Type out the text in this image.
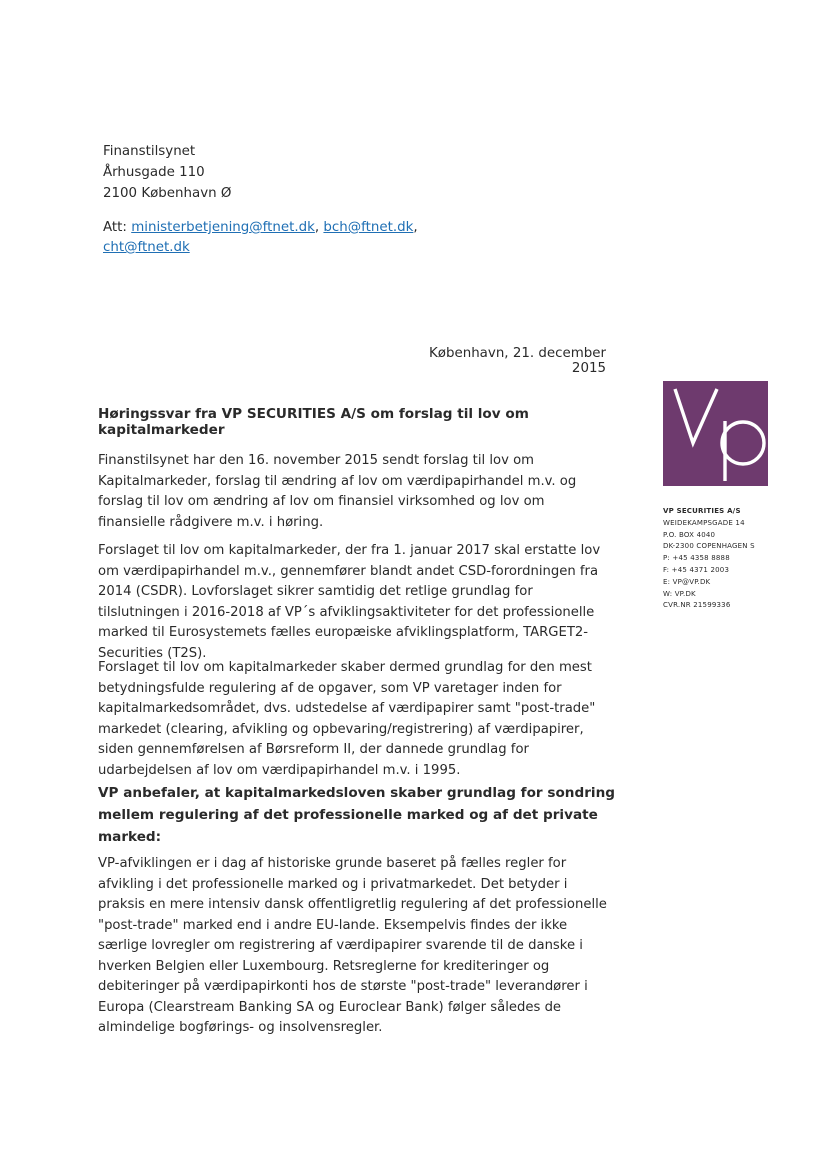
Finanstilsynet
Århusgade 110
2100 København Ø
Att: ministerbetjening@ftnet.dk, bch@ftnet.dk,
cht@ftnet.dk
København, 21. december 2015
VP SECURITIES A/S
WEIDEKAMPSGADE 14
P.O. BOX 4040
DK-2300 COPENHAGEN S
P: +45 4358 8888
F: +45 4371 2003
E: VP@VP.DK
W: VP.DK
CVR.NR 21599336
Høringssvar fra VP SECURITIES A/S om forslag til lov om kapitalmarkeder

Finanstilsynet har den 16. november 2015 sendt forslag til lov om Kapitalmarkeder, forslag til ændring af lov om værdipapirhandel m.v. og forslag til lov om ændring af lov om finansiel virksomhed og lov om finansielle rådgivere m.v. i høring.

Forslaget til lov om kapitalmarkeder, der fra 1. januar 2017 skal erstatte lov om værdipapirhandel m.v., gennemfører blandt andet CSD-forordningen fra 2014 (CSDR). Lovforslaget sikrer samtidig det retlige grundlag for tilslutningen i 2016-2018 af VP´s afviklingsaktiviteter for det professionelle marked til Eurosystemets fælles europæiske afviklingsplatform, TARGET2-Securities (T2S).

Forslaget til lov om kapitalmarkeder skaber dermed grundlag for den mest betydningsfulde regulering af de opgaver, som VP varetager inden for kapitalmarkedsområdet, dvs. udstedelse af værdipapirer samt "post-trade" markedet (clearing, afvikling og opbevaring/registrering) af værdipapirer, siden gennemførelsen af Børsreform II, der dannede grundlag for udarbejdelsen af lov om værdipapirhandel m.v. i 1995.

VP anbefaler, at kapitalmarkedsloven skaber grundlag for sondring mellem regulering af det professionelle marked og af det private marked:

VP-afviklingen er i dag af historiske grunde baseret på fælles regler for afvikling i det professionelle marked og i privatmarkedet. Det betyder i praksis en mere intensiv dansk offentligretlig regulering af det professionelle "post-trade" marked end i andre EU-lande. Eksempelvis findes der ikke særlige lovregler om registrering af værdipapirer svarende til de danske i hverken Belgien eller Luxembourg. Retsreglerne for krediteringer og debiteringer på værdipapirkonti hos de største "post-trade" leverandører i Europa (Clearstream Banking SA og Euroclear Bank) følger således de almindelige bogførings- og insolvensregler.
